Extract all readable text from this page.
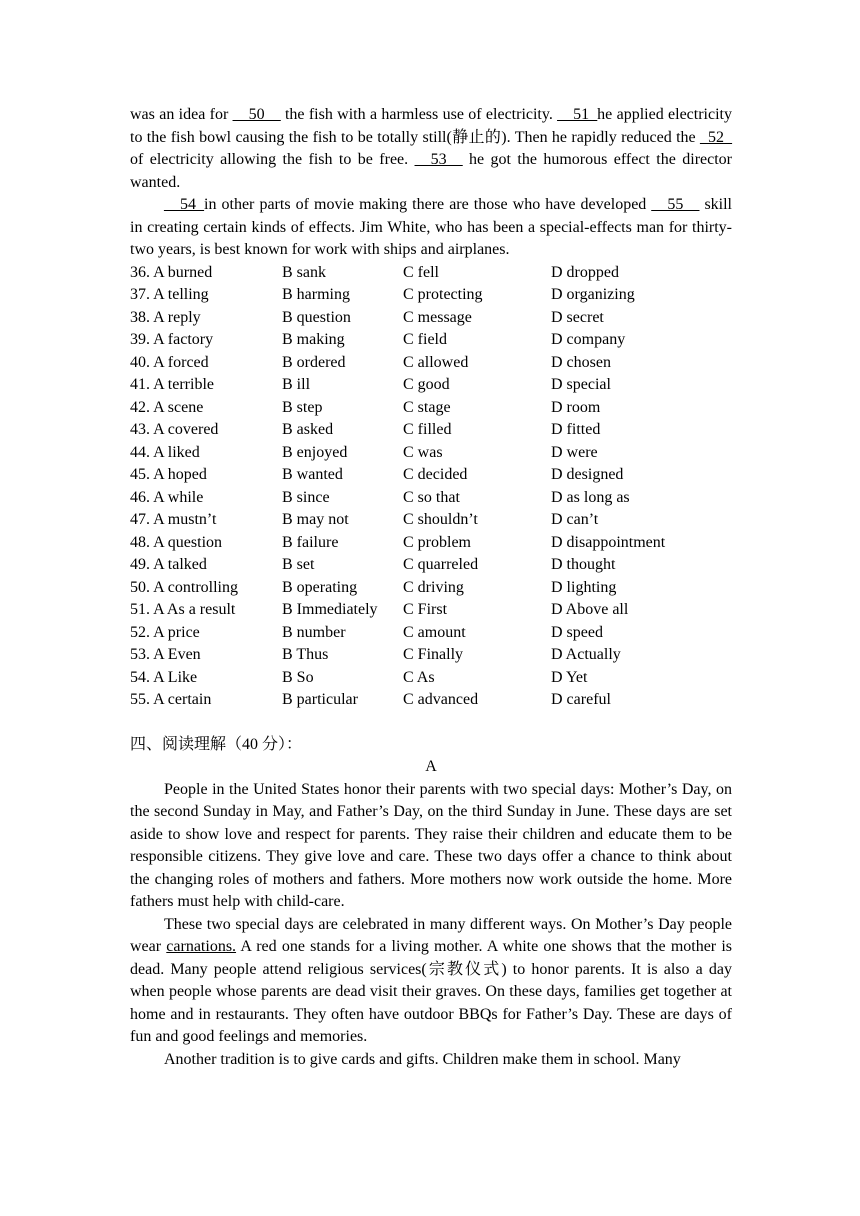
was an idea for __50__ the fish with a harmless use of electricity. __51_he applied electricity to the fish bowl causing the fish to be totally still(静止的). Then he rapidly reduced the _52_ of electricity allowing the fish to be free. __53__ he got the humorous effect the director wanted.

__54_in other parts of movie making there are those who have developed __55__ skill in creating certain kinds of effects. Jim White, who has been a special-effects man for thirty-two years, is best known for work with ships and airplanes.

36. A burned	B sank	C fell	D dropped
37. A telling	B harming	C protecting	D organizing
38. A reply	B question	C message	D secret
39. A factory	B making	C field	D company
40. A forced	B ordered	C allowed	D chosen
41. A terrible	B ill	C good	D special
42. A scene	B step	C stage	D room
43. A covered	B asked	C filled	D fitted
44. A liked	B enjoyed	C was	D were
45. A hoped	B wanted	C decided	D designed
46. A while	B since	C so that	D as long as
47. A mustn’t	B may not	C shouldn’t	D can’t
48. A question	B failure	C problem	D disappointment
49. A talked	B set	C quarreled	D thought
50. A controlling	B operating	C driving	D lighting
51. A As a result	B Immediately	C First	D Above all
52. A price	B number	C amount	D speed
53. A Even	B Thus	C Finally	D Actually
54. A Like	B So	C As	D Yet
55. A certain	B particular	C advanced	D careful
四、阅读理解（40 分）：
A

People in the United States honor their parents with two special days: Mother’s Day, on the second Sunday in May, and Father’s Day, on the third Sunday in June. These days are set aside to show love and respect for parents. They raise their children and educate them to be responsible citizens. They give love and care. These two days offer a chance to think about the changing roles of mothers and fathers. More mothers now work outside the home. More fathers must help with child-care.

These two special days are celebrated in many different ways. On Mother’s Day people wear carnations. A red one stands for a living mother. A white one shows that the mother is dead. Many people attend religious services(宗教仪式) to honor parents. It is also a day when people whose parents are dead visit their graves. On these days, families get together at home and in restaurants. They often have outdoor BBQs for Father’s Day. These are days of fun and good feelings and memories.

Another tradition is to give cards and gifts. Children make them in school. Many
